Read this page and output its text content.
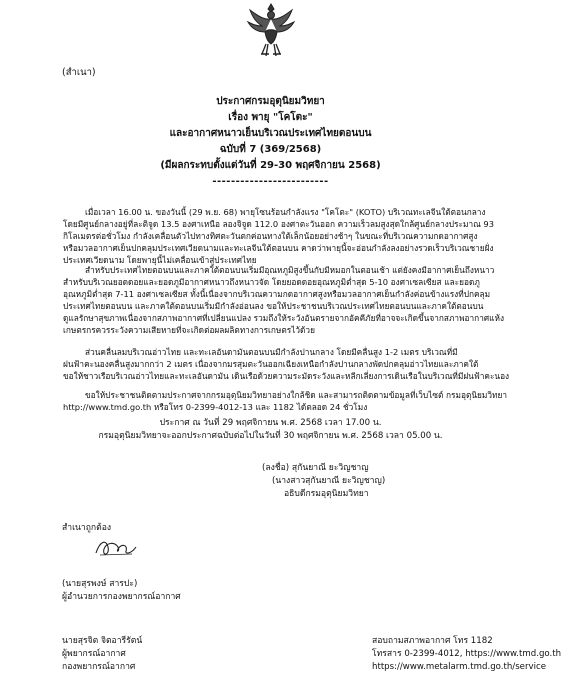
(สำเนา)
ประกาศกรมอุตุนิยมวิทยา
เรื่อง พายุ "โคโตะ"
และอากาศหนาวเย็นบริเวณประเทศไทยตอนบน
ฉบับที่ 7 (369/2568)
(มีผลกระทบตั้งแต่วันที่ 29-30 พฤศจิกายน 2568)
-------------------------
เมื่อเวลา 16.00 น. ของวันนี้ (29 พ.ย. 68) พายุโซนร้อนกำลังแรง "โคโตะ" (KOTO) บริเวณทะเลจีนใต้ตอนกลาง
โดยมีศูนย์กลางอยู่ที่ละติจูด 13.5 องศาเหนือ ลองจิจูด 112.0 องศาตะวันออก ความเร็วลมสูงสุดใกล้ศูนย์กลางประมาณ 93
กิโลเมตรต่อชั่วโมง กำลังเคลื่อนตัวไปทางทิศตะวันตกค่อนทางใต้เล็กน้อยอย่างช้าๆ ในขณะที่บริเวณความกดอากาศสูง
หรือมวลอากาศเย็นปกคลุมประเทศเวียดนามและทะเลจีนใต้ตอนบน คาดว่าพายุนี้จะอ่อนกำลังลงอย่างรวดเร็วบริเวณชายฝั่ง
ประเทศเวียดนาม โดยพายุนี้ไม่เคลื่อนเข้าสู่ประเทศไทย
สำหรับประเทศไทยตอนบนและภาคใต้ตอนบนเริ่มมีอุณหภูมิสูงขึ้นกับมีหมอกในตอนเช้า แต่ยังคงมีอากาศเย็นถึงหนาว
สำหรับบริเวณยอดดอยและยอดภูมีอากาศหนาวถึงหนาวจัด โดยยอดดอยอุณหภูมิต่ำสุด 5-10 องศาเซลเซียส และยอดภู
อุณหภูมิต่ำสุด 7-11 องศาเซลเซียส ทั้งนี้เนื่องจากบริเวณความกดอากาศสูงหรือมวลอากาศเย็นกำลังค่อนข้างแรงที่ปกคลุม
ประเทศไทยตอนบน และภาคใต้ตอนบนเริ่มมีกำลังอ่อนลง ขอให้ประชาชนบริเวณประเทศไทยตอนบนและภาคใต้ตอนบน
ดูแลรักษาสุขภาพเนื่องจากสภาพอากาศที่เปลี่ยนแปลง รวมถึงให้ระวังอันตรายจากอัคคีภัยที่อาจจะเกิดขึ้นจากสภาพอากาศแห้ง
เกษตรกรควรระวังความเสียหายที่จะเกิดต่อผลผลิตทางการเกษตรไว้ด้วย
ส่วนคลื่นลมบริเวณอ่าวไทย และทะเลอันดามันตอนบนมีกำลังปานกลาง โดยมีคลื่นสูง 1-2 เมตร บริเวณที่มี
ฝนฟ้าคะนองคลื่นสูงมากกว่า 2 เมตร เนื่องจากมรสุมตะวันออกเฉียงเหนือกำลังปานกลางพัดปกคลุมอ่าวไทยและภาคใต้
ขอให้ชาวเรือบริเวณอ่าวไทยและทะเลอันดามัน เดินเรือด้วยความระมัดระวังและหลีกเลี่ยงการเดินเรือในบริเวณที่มีฝนฟ้าคะนอง
ขอให้ประชาชนติดตามประกาศจากกรมอุตุนิยมวิทยาอย่างใกล้ชิด และสามารถติดตามข้อมูลที่เว็บไซต์ กรมอุตุนิยมวิทยา
http://www.tmd.go.th หรือโทร 0-2399-4012-13 และ 1182 ได้ตลอด 24 ชั่วโมง
ประกาศ ณ วันที่ 29 พฤศจิกายน พ.ศ. 2568 เวลา 17.00 น.
กรมอุตุนิยมวิทยาจะออกประกาศฉบับต่อไปในวันที่ 30 พฤศจิกายน พ.ศ. 2568 เวลา 05.00 น.
(ลงชื่อ) สุกันยาณี ยะวิญชาญ
(นางสาวสุกันยาณี ยะวิญชาญ)
อธิบดีกรมอุตุนิยมวิทยา
สำเนาถูกต้อง
(นายสุรพงษ์ สารปะ)
ผู้อำนวยการกองพยากรณ์อากาศ
นายสุรจิต จิตอารีรัตน์
ผู้พยากรณ์อากาศ
กองพยากรณ์อากาศ
สอบถามสภาพอากาศ โทร 1182
โทรสาร 0-2399-4012, https://www.tmd.go.th
https://www.metalarm.tmd.go.th/service
